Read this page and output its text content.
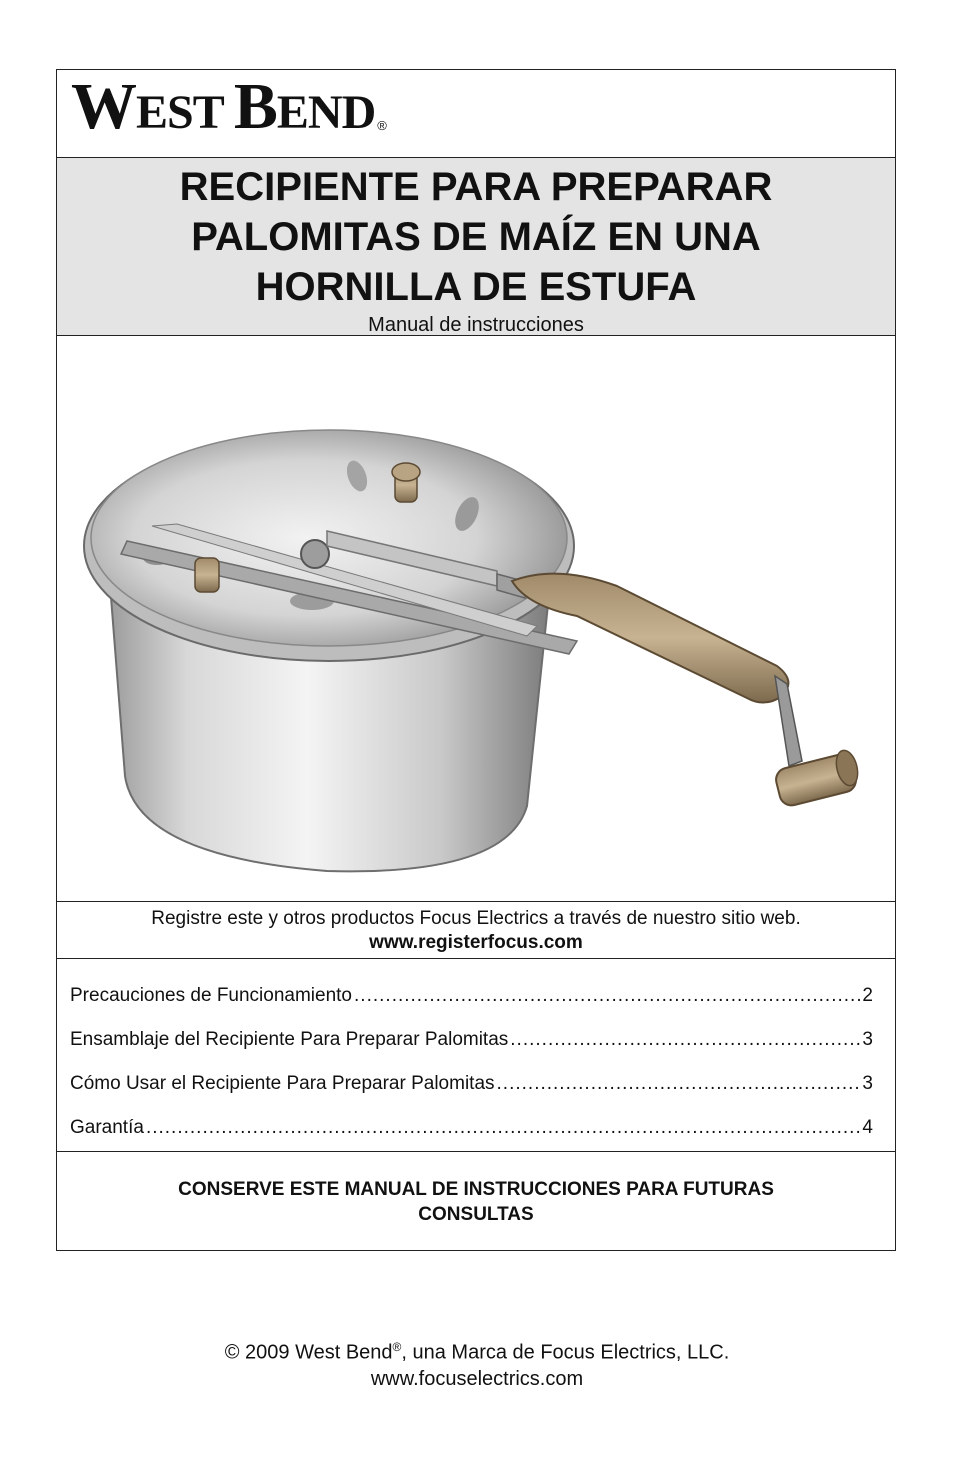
WEST BEND ®
RECIPIENTE PARA PREPARAR
PALOMITAS DE MAÍZ EN UNA
HORNILLA DE ESTUFA
Manual de instrucciones
Registre este y otros productos Focus Electrics a través de nuestro sitio web.
www.registerfocus.com
Precauciones de Funcionamiento .....	2
Ensamblaje del Recipiente Para Preparar Palomitas .....	3
Cómo Usar el Recipiente Para Preparar Palomitas .....	3
Garantía .....	4
CONSERVE ESTE MANUAL DE INSTRUCCIONES PARA FUTURAS CONSULTAS
© 2009 West Bend®, una Marca de Focus Electrics, LLC.
www.focuselectrics.com
